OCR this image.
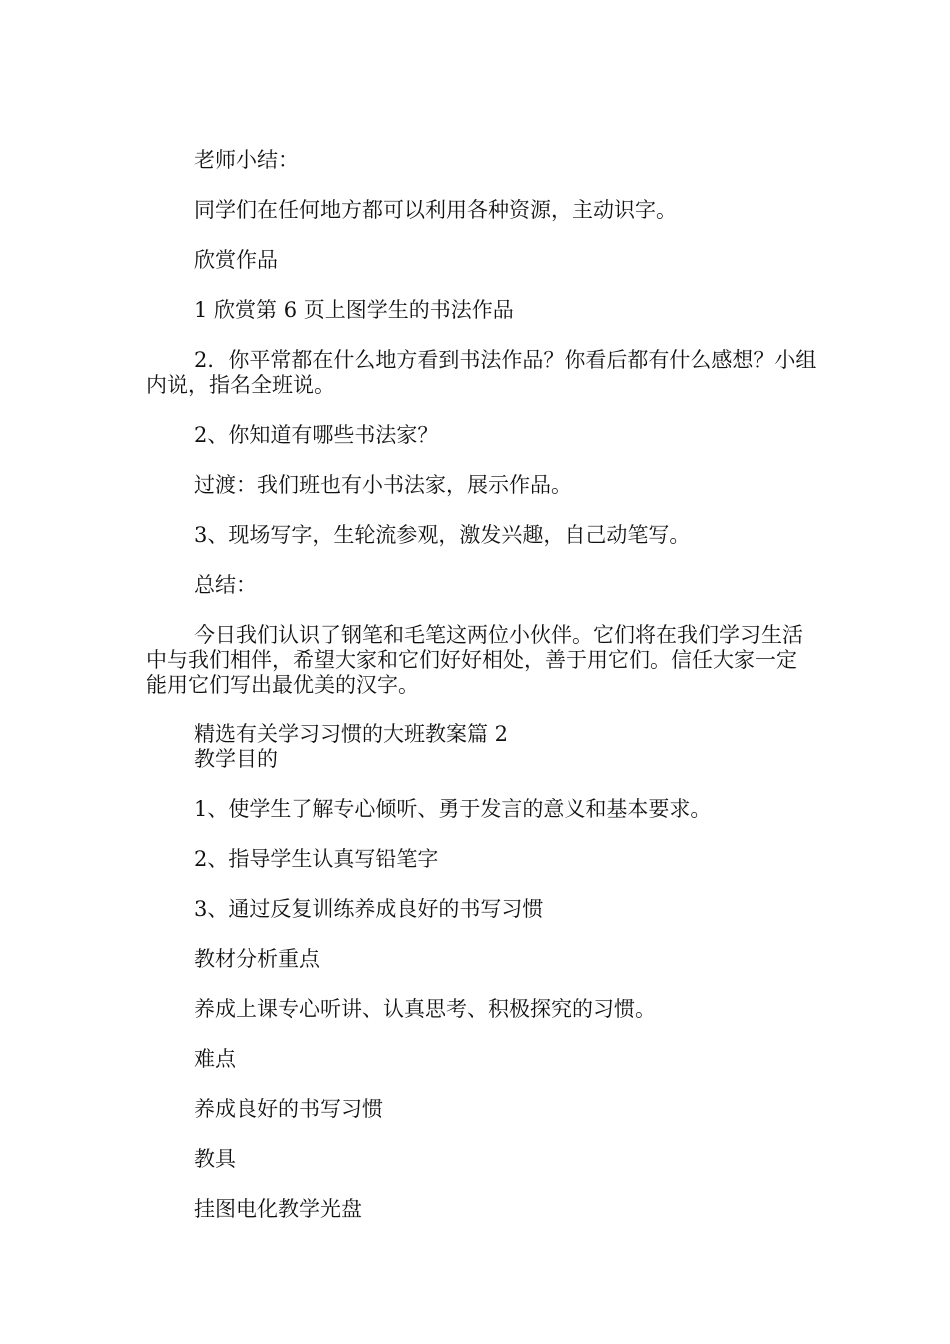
老师小结：

同学们在任何地方都可以利用各种资源，主动识字。

欣赏作品

1 欣赏第 6 页上图学生的书法作品

2．你平常都在什么地方看到书法作品？你看后都有什么感想？小组内说，指名全班说。

2、你知道有哪些书法家？

过渡：我们班也有小书法家，展示作品。

3、现场写字，生轮流参观，激发兴趣，自己动笔写。

总结：

今日我们认识了钢笔和毛笔这两位小伙伴。它们将在我们学习生活中与我们相伴，希望大家和它们好好相处，善于用它们。信任大家一定能用它们写出最优美的汉字。

精选有关学习习惯的大班教案篇 2

教学目的

1、使学生了解专心倾听、勇于发言的意义和基本要求。

2、指导学生认真写铅笔字

3、通过反复训练养成良好的书写习惯

教材分析重点

养成上课专心听讲、认真思考、积极探究的习惯。

难点

养成良好的书写习惯

教具

挂图电化教学光盘
